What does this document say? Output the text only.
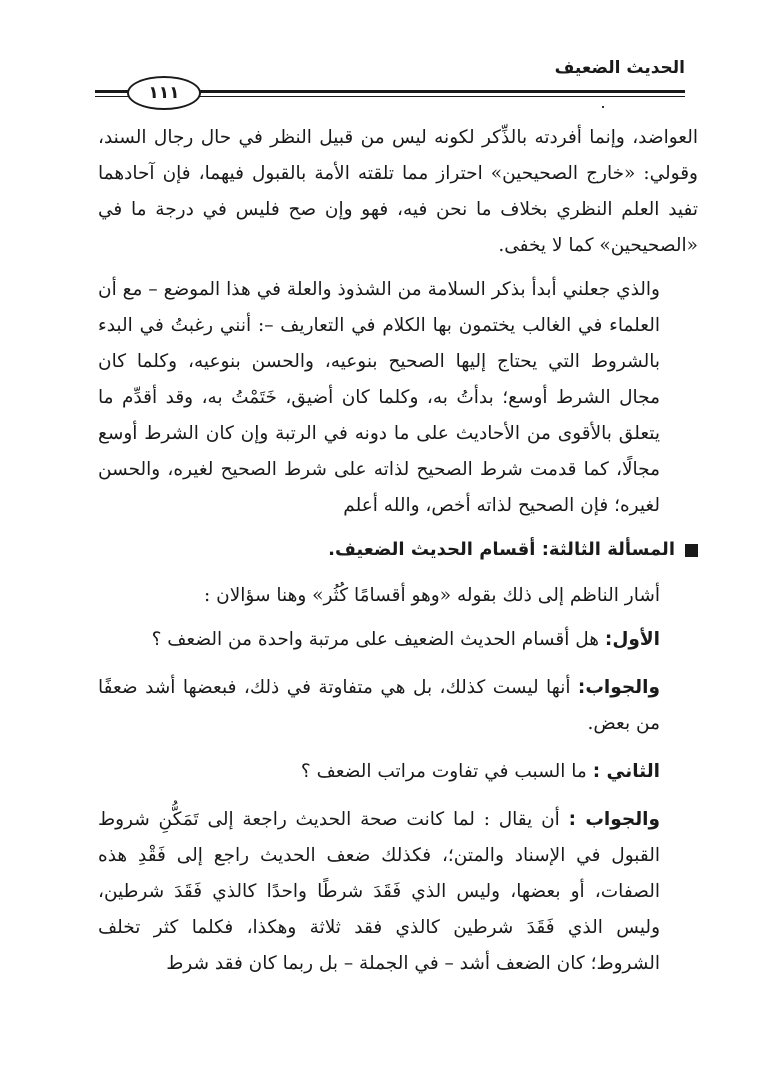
الحديث الضعيف
١١١

العواضد، وإنما أفردته بالذِّكر لكونه ليس من قبيل النظر في حال رجال السند، وقولي: «خارج الصحيحين» احتراز مما تلقته الأمة بالقبول فيهما، فإن آحادهما تفيد العلم النظري بخلاف ما نحن فيه، فهو وإن صح فليس في درجة ما في «الصحيحين» كما لا يخفى.

والذي جعلني أبدأ بذكر السلامة من الشذوذ والعلة في هذا الموضع – مع أن العلماء في الغالب يختمون بها الكلام في التعاريف –: أنني رغبتُ في البدء بالشروط التي يحتاج إليها الصحيح بنوعيه، والحسن بنوعيه، وكلما كان مجال الشرط أوسع؛ بدأتُ به، وكلما كان أضيق، خَتَمْتُ به، وقد أقدِّم ما يتعلق بالأقوى من الأحاديث على ما دونه في الرتبة وإن كان الشرط أوسع مجالًا، كما قدمت شرط الصحيح لذاته على شرط الصحيح لغيره، والحسن لغيره؛ فإن الصحيح لذاته أخص، والله أعلم

المسألة الثالثة: أقسام الحديث الضعيف.

أشار الناظم إلى ذلك بقوله «وهو أقسامًا كُثُر» وهنا سؤالان :

الأول: هل أقسام الحديث الضعيف على مرتبة واحدة من الضعف ؟

والجواب: أنها ليست كذلك، بل هي متفاوتة في ذلك، فبعضها أشد ضعفًا من بعض.

الثاني : ما السبب في تفاوت مراتب الضعف ؟

والجواب : أن يقال : لما كانت صحة الحديث راجعة إلى تَمَكُّنِ شروط القبول في الإسناد والمتن؛، فكذلك ضعف الحديث راجع إلى فَقْدِ هذه الصفات، أو بعضها، وليس الذي فَقَدَ شرطًا واحدًا كالذي فَقَدَ شرطين، وليس الذي فَقَدَ شرطين كالذي فقد ثلاثة وهكذا، فكلما كثر تخلف الشروط؛ كان الضعف أشد – في الجملة – بل ربما كان فقد شرط
